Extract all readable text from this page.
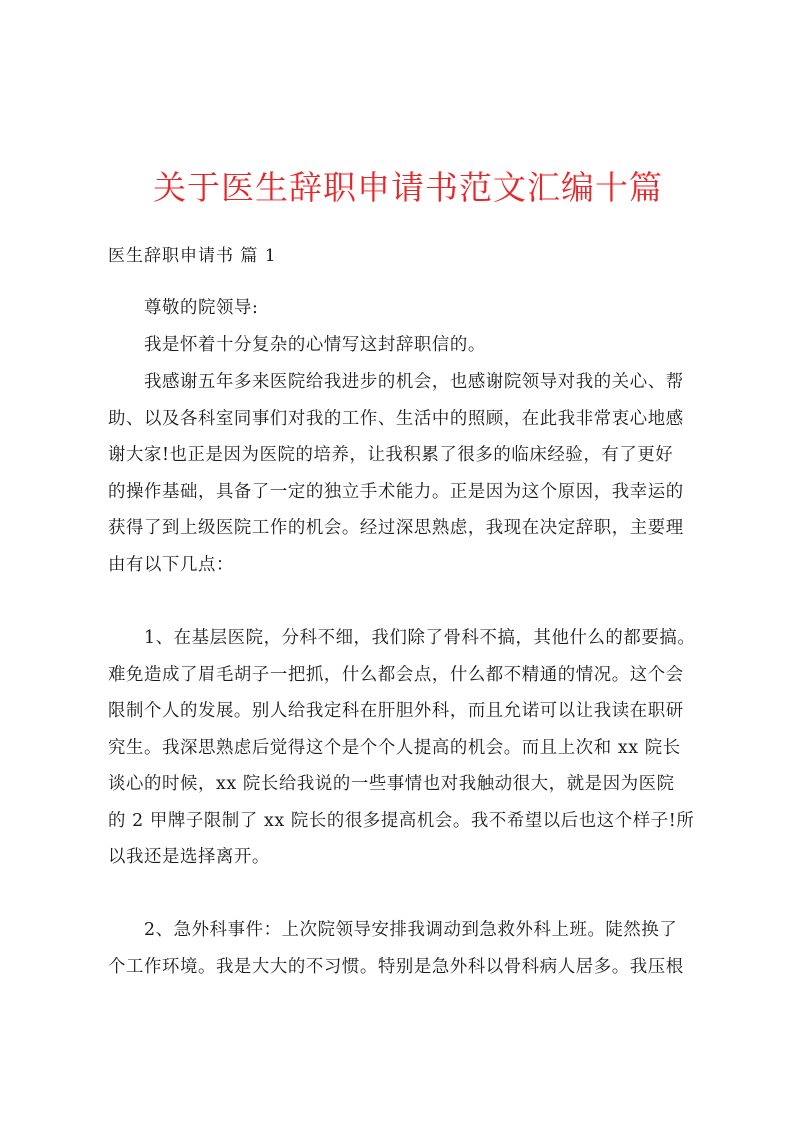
关于医生辞职申请书范文汇编十篇
医生辞职申请书 篇 1

尊敬的院领导:

我是怀着十分复杂的心情写这封辞职信的。

我感谢五年多来医院给我进步的机会，也感谢院领导对我的关心、帮
助、以及各科室同事们对我的工作、生活中的照顾，在此我非常衷心地感
谢大家!也正是因为医院的培养，让我积累了很多的临床经验，有了更好
的操作基础，具备了一定的独立手术能力。正是因为这个原因，我幸运的
获得了到上级医院工作的机会。经过深思熟虑，我现在决定辞职，主要理
由有以下几点：

1、在基层医院，分科不细，我们除了骨科不搞，其他什么的都要搞。
难免造成了眉毛胡子一把抓，什么都会点，什么都不精通的情况。这个会
限制个人的发展。别人给我定科在肝胆外科，而且允诺可以让我读在职研
究生。我深思熟虑后觉得这个是个个人提高的机会。而且上次和 xx 院长
谈心的时候，xx 院长给我说的一些事情也对我触动很大，就是因为医院
的 2 甲牌子限制了 xx 院长的很多提高机会。我不希望以后也这个样子!所
以我还是选择离开。

2、急外科事件：上次院领导安排我调动到急救外科上班。陡然换了
个工作环境。我是大大的不习惯。特别是急外科以骨科病人居多。我压根
